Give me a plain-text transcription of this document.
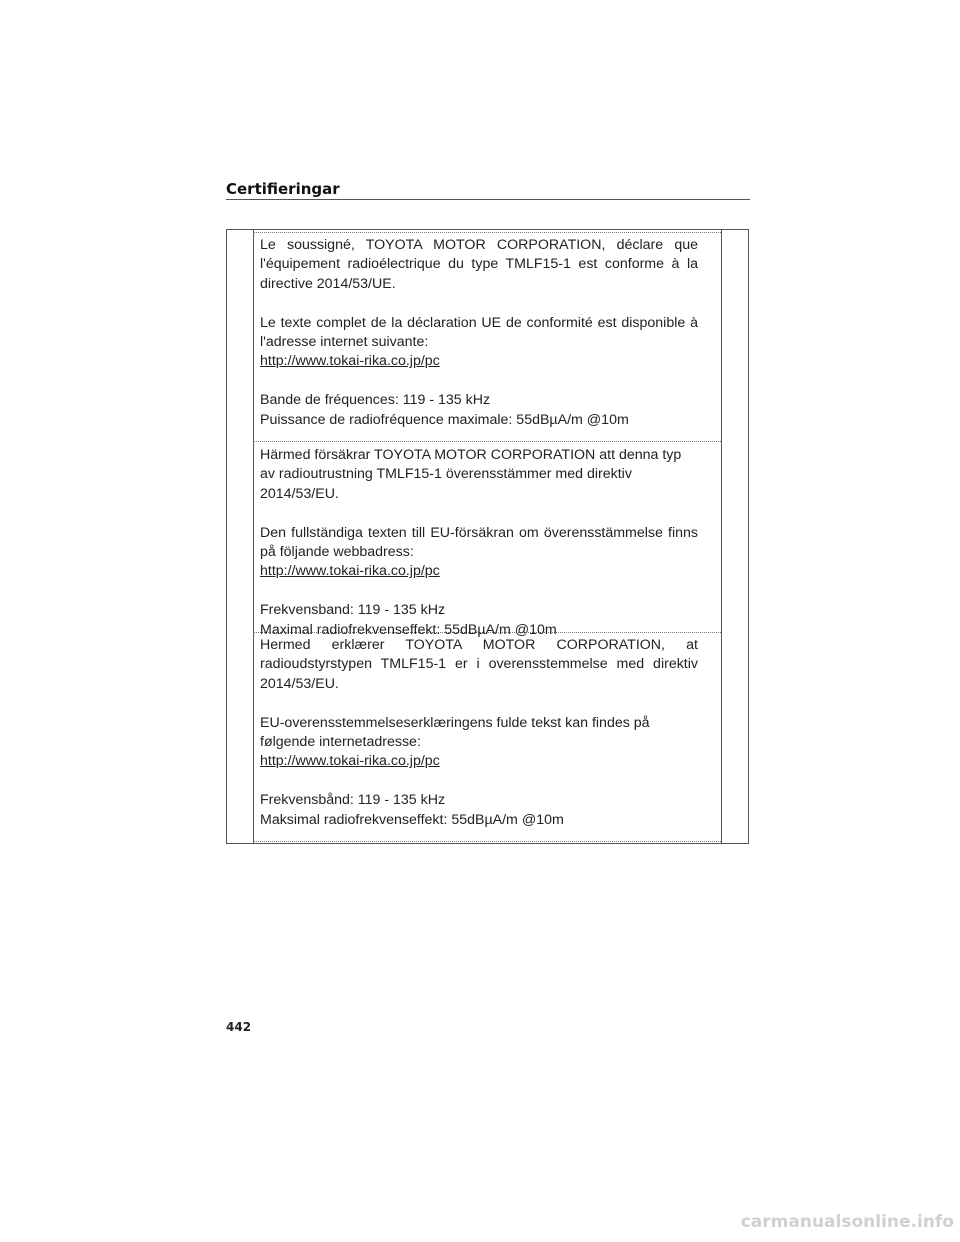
Certifieringar

Le soussigné, TOYOTA MOTOR CORPORATION, déclare que l'équipement radioélectrique du type TMLF15-1 est conforme à la directive 2014/53/UE.

Le texte complet de la déclaration UE de conformité est disponible à l'adresse internet suivante:
http://www.tokai-rika.co.jp/pc

Bande de fréquences: 119 - 135 kHz
Puissance de radiofréquence maximale: 55dBµA/m @10m

Härmed försäkrar TOYOTA MOTOR CORPORATION att denna typ av radioutrustning TMLF15-1 överensstämmer med direktiv 2014/53/EU.

Den fullständiga texten till EU-försäkran om överensstämmelse finns på följande webbadress:
http://www.tokai-rika.co.jp/pc

Frekvensband: 119 - 135 kHz
Maximal radiofrekvenseffekt: 55dBµA/m @10m

Hermed erklærer TOYOTA MOTOR CORPORATION, at radioudstyrstypen TMLF15-1 er i overensstemmelse med direktiv 2014/53/EU.

EU-overensstemmelseserklæringens fulde tekst kan findes på
følgende internetadresse:
http://www.tokai-rika.co.jp/pc

Frekvensbånd: 119 - 135 kHz
Maksimal radiofrekvenseffekt: 55dBµA/m @10m

442
carmanualsonline.info
